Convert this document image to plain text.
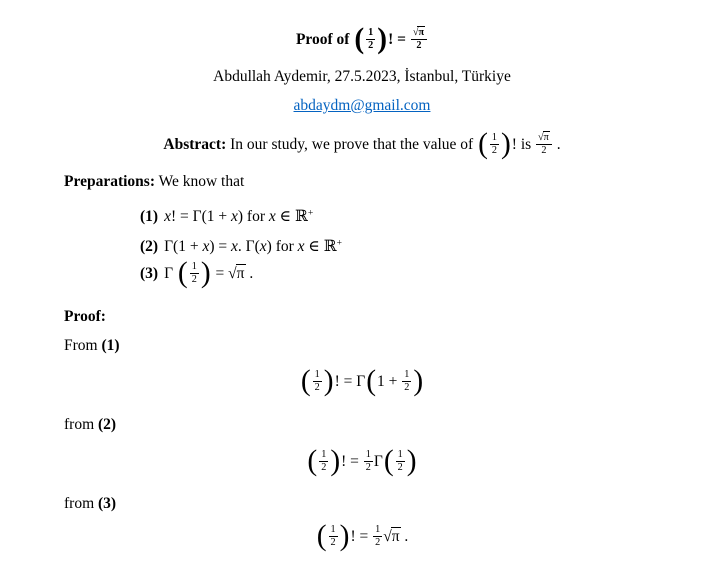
Proof of ( $\frac{1}{2}$ )! = $\frac{√\pi}{2}$
Abdullah Aydemir, 27.5.2023, İstanbul, Türkiye
abdaydm@gmail.com
Abstract: In our study, we prove that the value of ( $\frac{1}{2}$ )! is $\frac{√\pi}{2}$ .
Preparations: We know that
(1) x! = Γ(1 + x) for x ∈ ℝ+
(2) Γ(1 + x) = x. Γ(x) for x ∈ ℝ+
(3) Γ ( $\frac{1}{2}$ ) = √π .
Proof:
From (1)
( $\frac{1}{2}$ )! = $\Gamma(1 + \frac{1}{2}$ )
from (2)
( $\frac{1}{2}$ )! = $\frac{1}{2} \Gamma( \frac{1}{2}$ )
from (3)
( $\frac{1}{2}$ )! = $\frac{1}{2} √\pi$ .
